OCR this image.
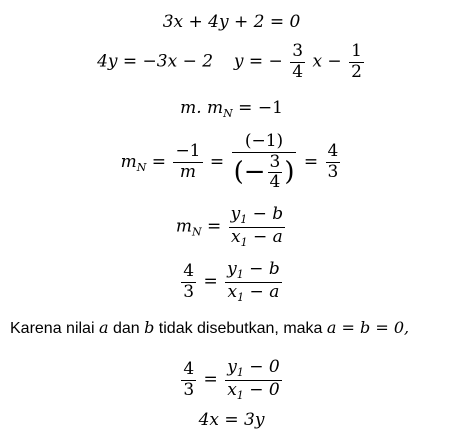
3x + 4y + 2 = 0
4y = −3x − 2 y = − $\frac{3}{4}$ $x - \frac{1}{2}$
m. $m_N = -1$
$m_N = \frac{-1}{m} = \frac{(-1)}{(- \frac{3}{4} )} = \frac{4}{3}$
$m_N = \frac{y_1 - b}{x_1 - a}$
$\frac{4}{3} = \frac{y_1 - b}{x_1 - a}$
Karena nilai a dan b tidak disebutkan, maka a = b = 0,
$\frac{4}{3} = \frac{y_1 - 0}{x_1 - 0}$
4x = 3y
